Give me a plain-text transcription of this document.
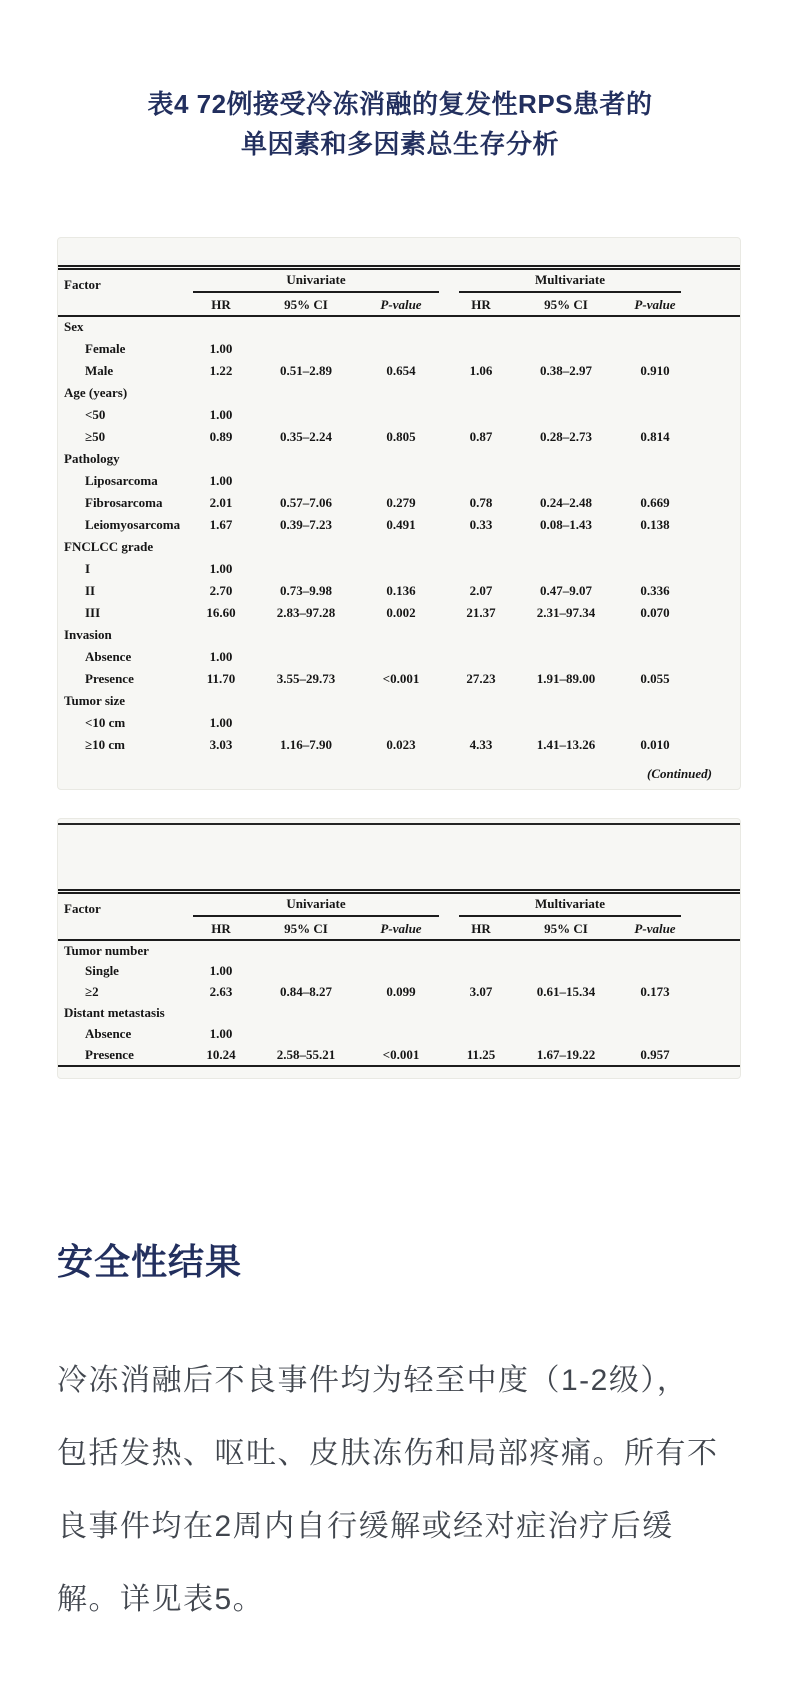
表4 72例接受冷冻消融的复发性RPS患者的
单因素和多因素总生存分析
Factor	Univariate			Multivariate			

	HR	95% CI	P-value	HR	95% CI	P-value	
Sex							
Female	1.00						
Male	1.22	0.51–2.89	0.654	1.06	0.38–2.97	0.910	
Age (years)							
<50	1.00						
≥50	0.89	0.35–2.24	0.805	0.87	0.28–2.73	0.814	
Pathology							
Liposarcoma	1.00						
Fibrosarcoma	2.01	0.57–7.06	0.279	0.78	0.24–2.48	0.669	
Leiomyosarcoma	1.67	0.39–7.23	0.491	0.33	0.08–1.43	0.138	
FNCLCC grade							
I	1.00						
II	2.70	0.73–9.98	0.136	2.07	0.47–9.07	0.336	
III	16.60	2.83–97.28	0.002	21.37	2.31–97.34	0.070	
Invasion							
Absence	1.00						
Presence	11.70	3.55–29.73	<0.001	27.23	1.91–89.00	0.055	
Tumor size							
<10 cm	1.00						
≥10 cm	3.03	1.16–7.90	0.023	4.33	1.41–13.26	0.010	
(Continued)
Factor	Univariate			Multivariate			

	HR	95% CI	P-value	HR	95% CI	P-value	
Tumor number							
Single	1.00						
≥2	2.63	0.84–8.27	0.099	3.07	0.61–15.34	0.173	
Distant metastasis							
Absence	1.00						
Presence	10.24	2.58–55.21	<0.001	11.25	1.67–19.22	0.957	
安全性结果
冷冻消融后不良事件均为轻至中度（1-2级），
包括发热、呕吐、皮肤冻伤和局部疼痛。所有不
良事件均在2周内自行缓解或经对症治疗后缓
解。详见表5。
